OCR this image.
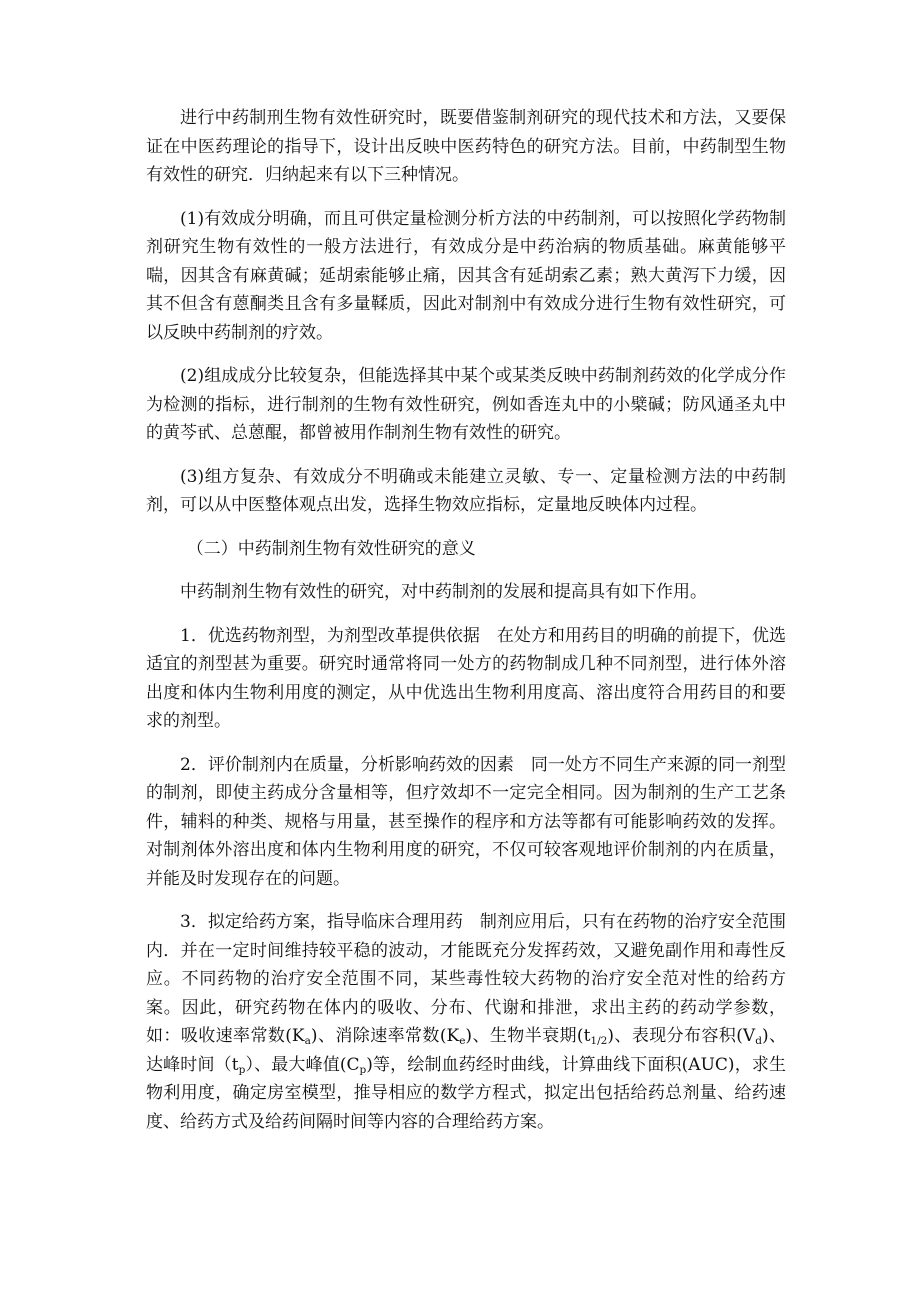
进行中药制刑生物有效性研究时，既要借鉴制剂研究的现代技术和方法，又要保证在中医药理论的指导下，设计出反映中医药特色的研究方法。目前，中药制型生物有效性的研究．归纳起来有以下三种情况。

(1)有效成分明确，而且可供定量检测分析方法的中药制剂，可以按照化学药物制剂研究生物有效性的一般方法进行，有效成分是中药治病的物质基础。麻黄能够平喘，因其含有麻黄碱；延胡索能够止痛，因其含有延胡索乙素；熟大黄泻下力缓，因其不但含有蒽酮类且含有多量鞣质，因此对制剂中有效成分进行生物有效性研究，可以反映中药制剂的疗效。

(2)组成成分比较复杂，但能选择其中某个或某类反映中药制剂药效的化学成分作为检测的指标，进行制剂的生物有效性研究，例如香连丸中的小檗碱；防风通圣丸中的黄芩甙、总蒽醌，都曾被用作制剂生物有效性的研究。

(3)组方复杂、有效成分不明确或未能建立灵敏、专一、定量检测方法的中药制剂，可以从中医整体观点出发，选择生物效应指标，定量地反映体内过程。

（二）中药制剂生物有效性研究的意义

中药制剂生物有效性的研究，对中药制剂的发展和提高具有如下作用。

1．优选药物剂型，为剂型改革提供依据　在处方和用药目的明确的前提下，优选适宜的剂型甚为重要。研究时通常将同一处方的药物制成几种不同剂型，进行体外溶出度和体内生物利用度的测定，从中优选出生物利用度高、溶出度符合用药目的和要求的剂型。

2．评价制剂内在质量，分析影响药效的因素　同一处方不同生产来源的同一剂型的制剂，即使主药成分含量相等，但疗效却不一定完全相同。因为制剂的生产工艺条件，辅料的种类、规格与用量，甚至操作的程序和方法等都有可能影响药效的发挥。对制剂体外溶出度和体内生物利用度的研究，不仅可较客观地评价制剂的内在质量，并能及时发现存在的问题。

3．拟定给药方案，指导临床合理用药　制剂应用后，只有在药物的治疗安全范围内．并在一定时间维持较平稳的波动，才能既充分发挥药效，又避免副作用和毒性反应。不同药物的治疗安全范围不同，某些毒性较大药物的治疗安全范对性的给药方案。因此，研究药物在体内的吸收、分布、代谢和排泄，求出主药的药动学参数，如：吸收速率常数$(K_a)$、消除速率常数$(K_e)$、生物半衰期$(t_{1/2})$、表现分布容积$(V_d)$、达峰时间$(t_p)$、最大峰值$(C_p)$等，绘制血药经时曲线，计算曲线下面积(AUC)，求生物利用度，确定房室模型，推导相应的数学方程式，拟定出包括给药总剂量、给药速度、给药方式及给药间隔时间等内容的合理给药方案。
